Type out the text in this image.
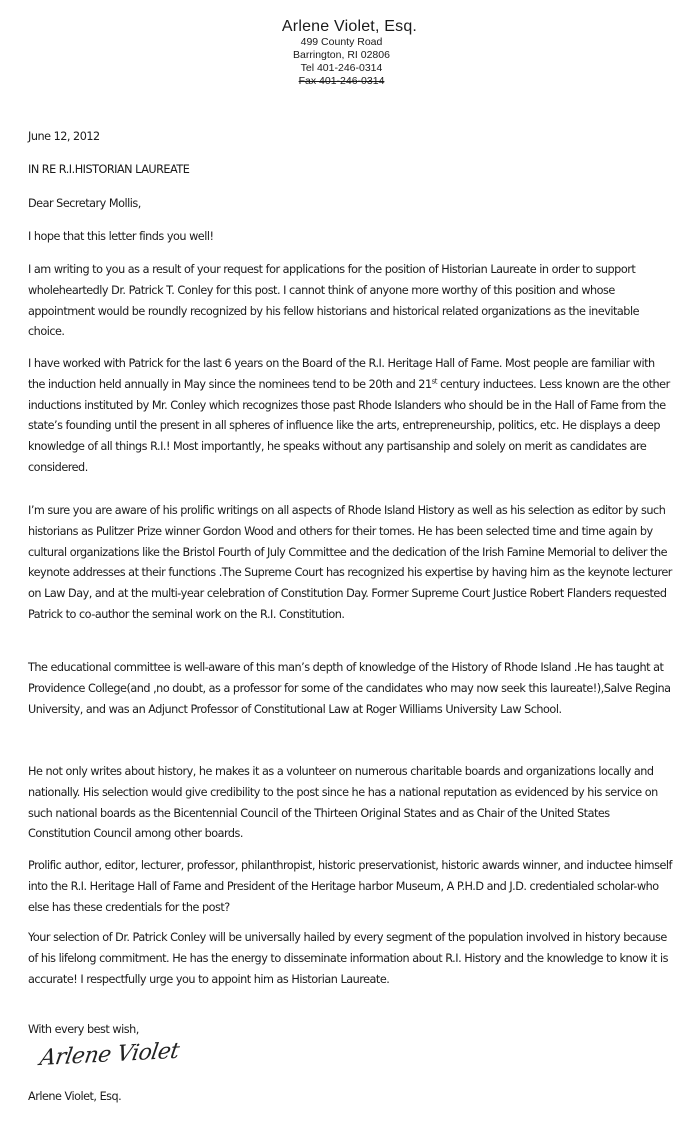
Arlene Violet, Esq.
499 County Road
Barrington, RI 02806
Tel 401-246-0314
Fax 401-246-0314

June 12, 2012

IN RE R.I.HISTORIAN LAUREATE

Dear Secretary Mollis,

I hope that this letter finds you well!

I am writing to you as a result of your request for applications for the position of Historian Laureate in order to support wholeheartedly Dr. Patrick T. Conley for this post. I cannot think of anyone more worthy of this position and whose appointment would be roundly recognized by his fellow historians and historical related organizations as the inevitable choice.

I have worked with Patrick for the last 6 years on the Board of the R.I. Heritage Hall of Fame. Most people are familiar with the induction held annually in May since the nominees tend to be 20th and 21st century inductees. Less known are the other inductions instituted by Mr. Conley which recognizes those past Rhode Islanders who should be in the Hall of Fame from the state’s founding until the present in all spheres of influence like the arts, entrepreneurship, politics, etc. He displays a deep knowledge of all things R.I.! Most importantly, he speaks without any partisanship and solely on merit as candidates are considered.

I’m sure you are aware of his prolific writings on all aspects of Rhode Island History as well as his selection as editor by such historians as Pulitzer Prize winner Gordon Wood and others for their tomes. He has been selected time and time again by cultural organizations like the Bristol Fourth of July Committee and the dedication of the Irish Famine Memorial to deliver the keynote addresses at their functions .The Supreme Court has recognized his expertise by having him as the keynote lecturer on Law Day, and at the multi-year celebration of Constitution Day. Former Supreme Court Justice Robert Flanders requested Patrick to co-author the seminal work on the R.I. Constitution.

The educational committee is well-aware of this man’s depth of knowledge of the History of Rhode Island .He has taught at Providence College(and ,no doubt, as a professor for some of the candidates who may now seek this laureate!),Salve Regina University, and was an Adjunct Professor of Constitutional Law at Roger Williams University Law School.

He not only writes about history, he makes it as a volunteer on numerous charitable boards and organizations locally and nationally. His selection would give credibility to the post since he has a national reputation as evidenced by his service on such national boards as the Bicentennial Council of the Thirteen Original States and as Chair of the United States Constitution Council among other boards.

Prolific author, editor, lecturer, professor, philanthropist, historic preservationist, historic awards winner, and inductee himself into the R.I. Heritage Hall of Fame and President of the Heritage harbor Museum, A P.H.D and J.D. credentialed scholar-who else has these credentials for the post?

Your selection of Dr. Patrick Conley will be universally hailed by every segment of the population involved in history because of his lifelong commitment. He has the energy to disseminate information about R.I. History and the knowledge to know it is accurate! I respectfully urge you to appoint him as Historian Laureate.

With every best wish,

Arlene Violet

Arlene Violet, Esq.
